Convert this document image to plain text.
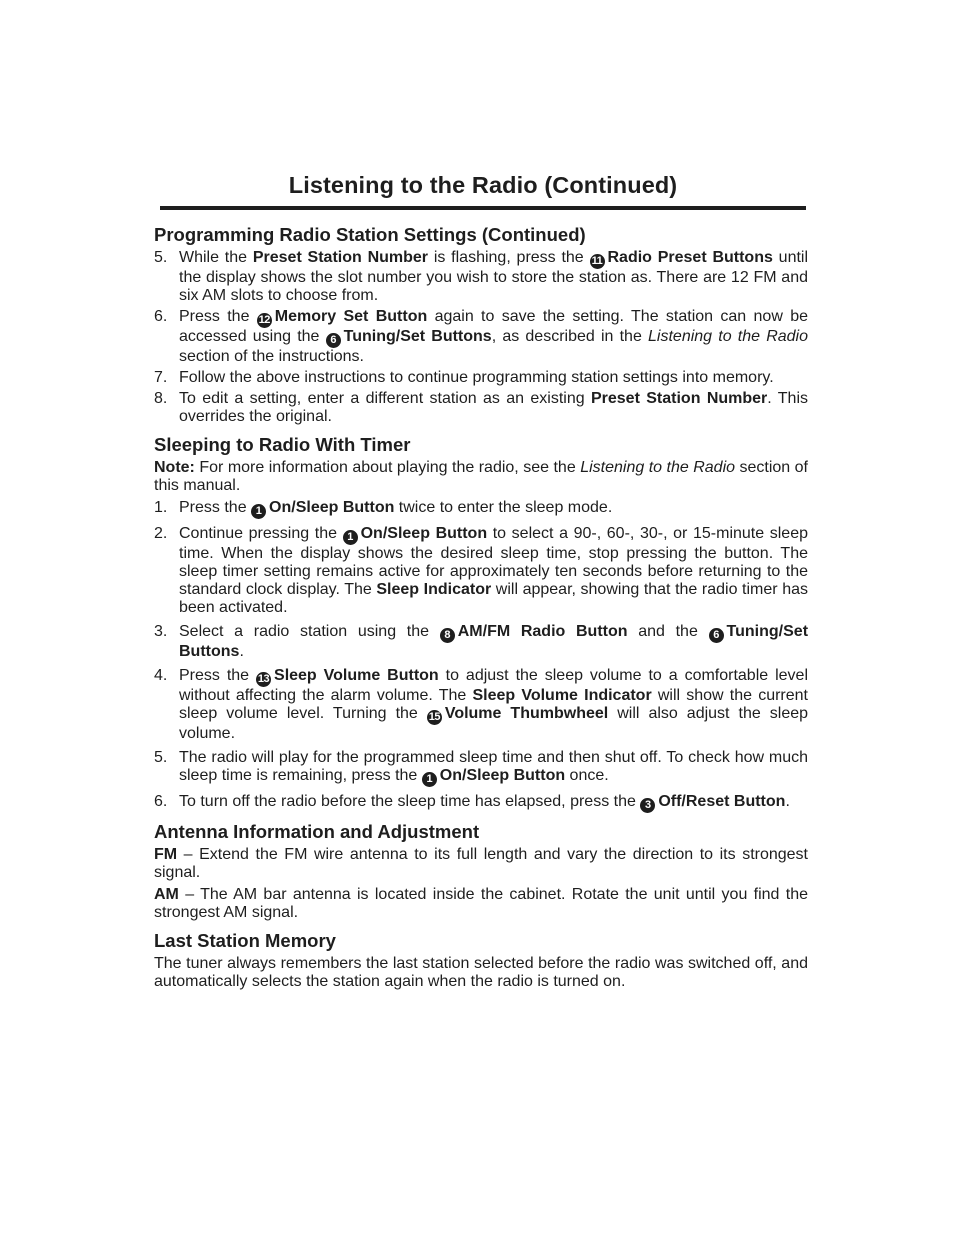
Listening to the Radio (Continued)
Programming Radio Station Settings (Continued)
5. While the Preset Station Number is flashing, press the 11 Radio Preset Buttons until the display shows the slot number you wish to store the station as. There are 12 FM and six AM slots to choose from.
6. Press the 12 Memory Set Button again to save the setting. The station can now be accessed using the 6 Tuning/Set Buttons, as described in the Listening to the Radio section of the instructions.
7. Follow the above instructions to continue programming station settings into memory.
8. To edit a setting, enter a different station as an existing Preset Station Number. This overrides the original.
Sleeping to Radio With Timer

Note: For more information about playing the radio, see the Listening to the Radio section of this manual.

1. Press the 1 On/Sleep Button twice to enter the sleep mode.
2. Continue pressing the 1 On/Sleep Button to select a 90-, 60-, 30-, or 15-minute sleep time. When the display shows the desired sleep time, stop pressing the button. The sleep timer setting remains active for approximately ten seconds before returning to the standard clock display. The Sleep Indicator will appear, showing that the radio timer has been activated.
3. Select a radio station using the 8 AM/FM Radio Button and the 6 Tuning/Set Buttons.
4. Press the 13 Sleep Volume Button to adjust the sleep volume to a comfortable level without affecting the alarm volume. The Sleep Volume Indicator will show the current sleep volume level. Turning the 15 Volume Thumbwheel will also adjust the sleep volume.
5. The radio will play for the programmed sleep time and then shut off. To check how much sleep time is remaining, press the 1 On/Sleep Button once.
6. To turn off the radio before the sleep time has elapsed, press the 3 Off/Reset Button.
Antenna Information and Adjustment

FM – Extend the FM wire antenna to its full length and vary the direction to its strongest signal.

AM – The AM bar antenna is located inside the cabinet. Rotate the unit until you find the strongest AM signal.

Last Station Memory

The tuner always remembers the last station selected before the radio was switched off, and automatically selects the station again when the radio is turned on.
